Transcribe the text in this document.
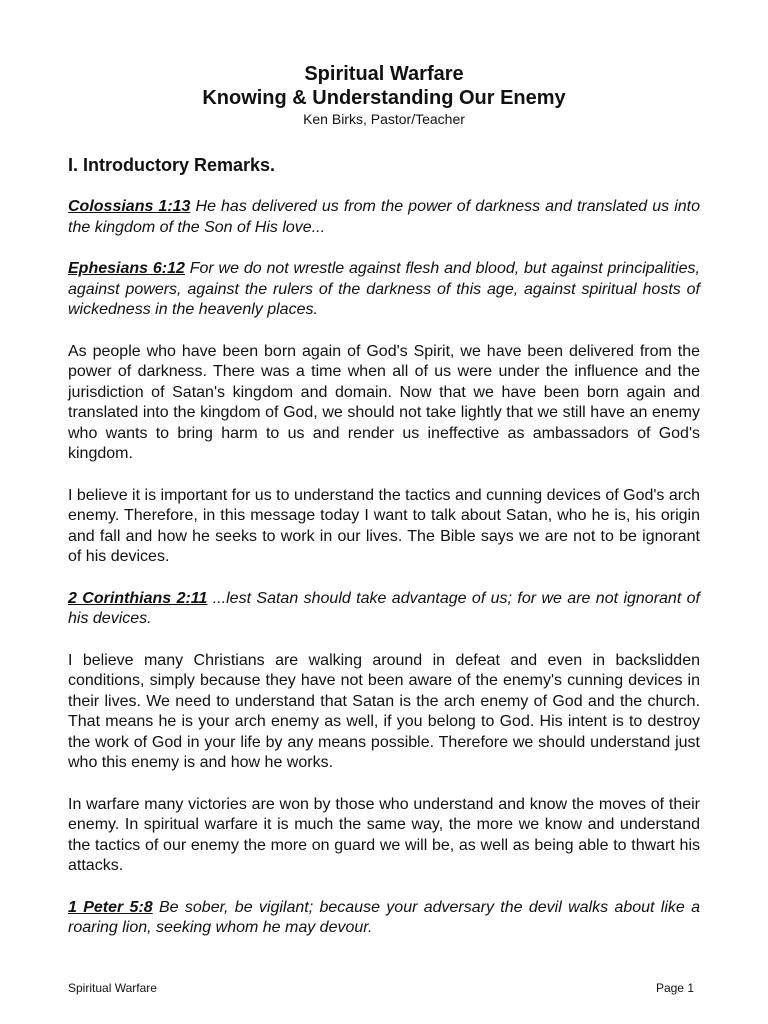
Spiritual Warfare
Knowing & Understanding Our Enemy
Ken Birks, Pastor/Teacher
I. Introductory Remarks.

Colossians 1:13 He has delivered us from the power of darkness and translated us into the kingdom of the Son of His love...

Ephesians 6:12 For we do not wrestle against flesh and blood, but against principalities, against powers, against the rulers of the darkness of this age, against spiritual hosts of wickedness in the heavenly places.

As people who have been born again of God's Spirit, we have been delivered from the power of darkness. There was a time when all of us were under the influence and the jurisdiction of Satan's kingdom and domain. Now that we have been born again and translated into the kingdom of God, we should not take lightly that we still have an enemy who wants to bring harm to us and render us ineffective as ambassadors of God's kingdom.

I believe it is important for us to understand the tactics and cunning devices of God's arch enemy. Therefore, in this message today I want to talk about Satan, who he is, his origin and fall and how he seeks to work in our lives. The Bible says we are not to be ignorant of his devices.

2 Corinthians 2:11 ...lest Satan should take advantage of us; for we are not ignorant of his devices.

I believe many Christians are walking around in defeat and even in backslidden conditions, simply because they have not been aware of the enemy's cunning devices in their lives. We need to understand that Satan is the arch enemy of God and the church. That means he is your arch enemy as well, if you belong to God. His intent is to destroy the work of God in your life by any means possible. Therefore we should understand just who this enemy is and how he works.

In warfare many victories are won by those who understand and know the moves of their enemy. In spiritual warfare it is much the same way, the more we know and understand the tactics of our enemy the more on guard we will be, as well as being able to thwart his attacks.

1 Peter 5:8 Be sober, be vigilant; because your adversary the devil walks about like a roaring lion, seeking whom he may devour.

Spiritual Warfare	Page 1
